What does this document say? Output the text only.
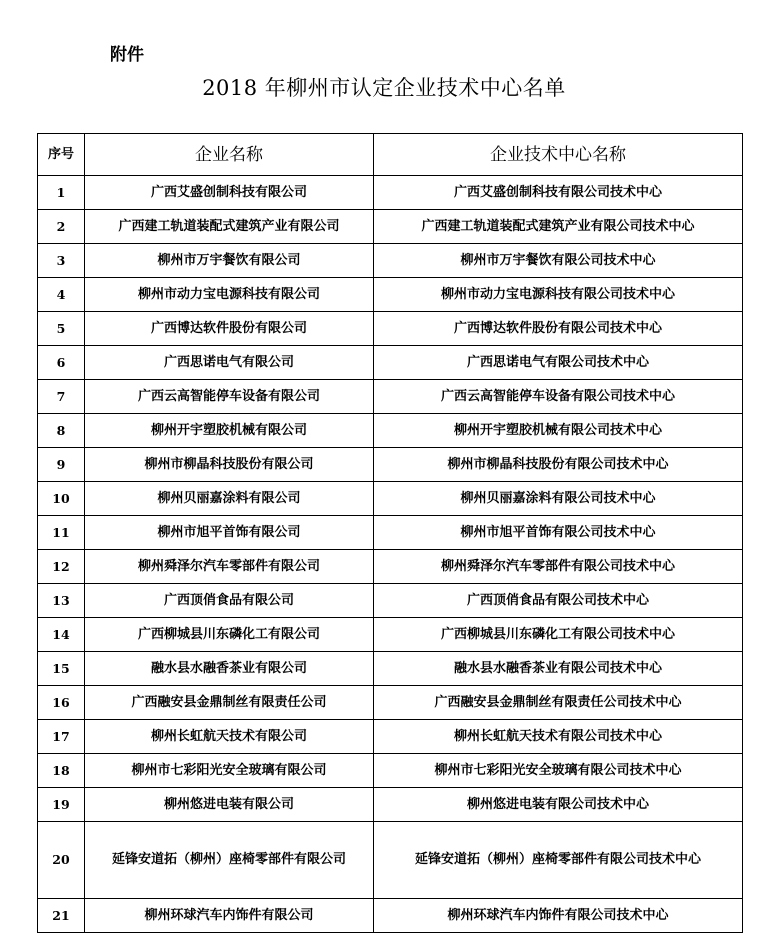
附件
2018 年柳州市认定企业技术中心名单
序号	企业名称	企业技术中心名称
1	广西艾盛创制科技有限公司	广西艾盛创制科技有限公司技术中心
2	广西建工轨道装配式建筑产业有限公司	广西建工轨道装配式建筑产业有限公司技术中心
3	柳州市万宇餐饮有限公司	柳州市万宇餐饮有限公司技术中心
4	柳州市动力宝电源科技有限公司	柳州市动力宝电源科技有限公司技术中心
5	广西博达软件股份有限公司	广西博达软件股份有限公司技术中心
6	广西思诺电气有限公司	广西思诺电气有限公司技术中心
7	广西云高智能停车设备有限公司	广西云高智能停车设备有限公司技术中心
8	柳州开宇塑胶机械有限公司	柳州开宇塑胶机械有限公司技术中心
9	柳州市柳晶科技股份有限公司	柳州市柳晶科技股份有限公司技术中心
10	柳州贝丽嘉涂料有限公司	柳州贝丽嘉涂料有限公司技术中心
11	柳州市旭平首饰有限公司	柳州市旭平首饰有限公司技术中心
12	柳州舜泽尔汽车零部件有限公司	柳州舜泽尔汽车零部件有限公司技术中心
13	广西顶俏食品有限公司	广西顶俏食品有限公司技术中心
14	广西柳城县川东磷化工有限公司	广西柳城县川东磷化工有限公司技术中心
15	融水县水融香茶业有限公司	融水县水融香茶业有限公司技术中心
16	广西融安县金鼎制丝有限责任公司	广西融安县金鼎制丝有限责任公司技术中心
17	柳州长虹航天技术有限公司	柳州长虹航天技术有限公司技术中心
18	柳州市七彩阳光安全玻璃有限公司	柳州市七彩阳光安全玻璃有限公司技术中心
19	柳州悠进电装有限公司	柳州悠进电装有限公司技术中心
20	延锋安道拓（柳州）座椅零部件有限公司	延锋安道拓（柳州）座椅零部件有限公司技术中心
21	柳州环球汽车内饰件有限公司	柳州环球汽车内饰件有限公司技术中心
